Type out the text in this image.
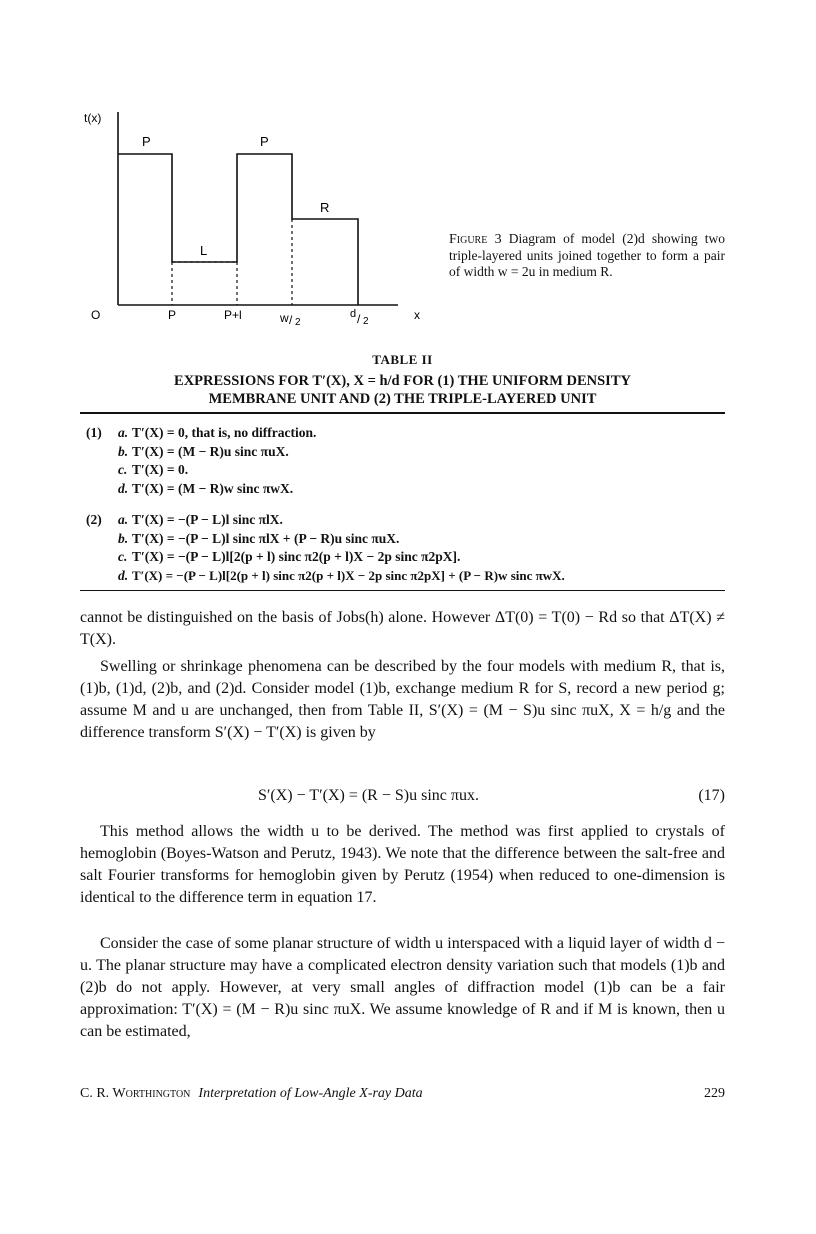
t(x)
P
L
P
R
O	P	P+l	w / 2
d / 2	x
Figure 3 Diagram of model (2)d showing two triple-layered units joined together to form a pair of width w = 2u in medium R.
TABLE II
EXPRESSIONS FOR T′(X), X = h/d FOR (1) THE UNIFORM DENSITY
MEMBRANE UNIT AND (2) THE TRIPLE-LAYERED UNIT
(1) a. T′(X) = 0, that is, no diffraction.
b. T′(X) = (M − R)u sinc πuX.
c. T′(X) = 0.
d. T′(X) = (M − R)w sinc πwX.
(2) a. T′(X) = −(P − L)l sinc πlX.
b. T′(X) = −(P − L)l sinc πlX + (P − R)u sinc πuX.
c. T′(X) = −(P − L)l[2(p + l) sinc π2(p + l)X − 2p sinc π2pX].
d. T′(X) = −(P − L)l[2(p + l) sinc π2(p + l)X − 2p sinc π2pX] + (P − R)w sinc πwX.

cannot be distinguished on the basis of Jobs(h) alone. However ΔT(0) = T(0) − Rd so that ΔT(X) ≠ T(X).

Swelling or shrinkage phenomena can be described by the four models with medium R, that is, (1)b, (1)d, (2)b, and (2)d. Consider model (1)b, exchange medium R for S, record a new period g; assume M and u are unchanged, then from Table II, S′(X) = (M − S)u sinc πuX, X = h/g and the difference transform S′(X) − T′(X) is given by

S′(X) − T′(X) = (R − S)u sinc πux.	(17)

This method allows the width u to be derived. The method was first applied to crystals of hemoglobin (Boyes-Watson and Perutz, 1943). We note that the difference between the salt-free and salt Fourier transforms for hemoglobin given by Perutz (1954) when reduced to one-dimension is identical to the difference term in equation 17.

Consider the case of some planar structure of width u interspaced with a liquid layer of width d − u. The planar structure may have a complicated electron density variation such that models (1)b and (2)b do not apply. However, at very small angles of diffraction model (1)b can be a fair approximation: T′(X) = (M − R)u sinc πuX. We assume knowledge of R and if M is known, then u can be estimated,

C. R. Worthington Interpretation of Low-Angle X-ray Data	229
